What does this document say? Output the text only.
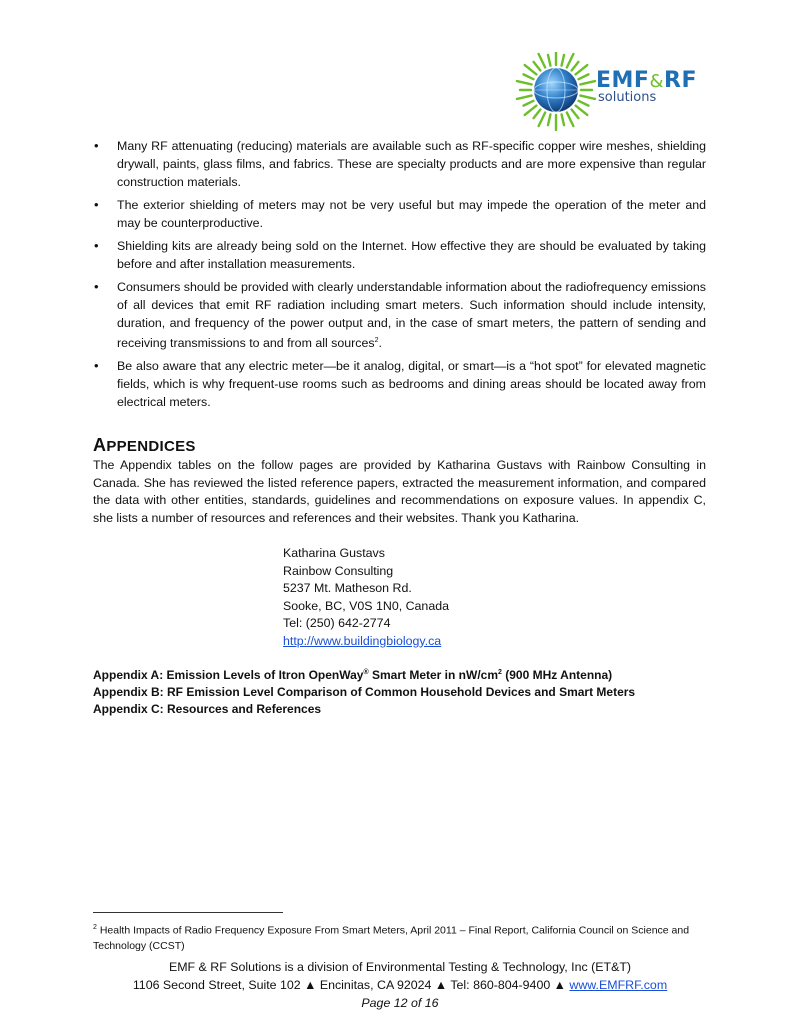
EMF&RF
solutions
• Many RF attenuating (reducing) materials are available such as RF-specific copper wire meshes, shielding drywall, paints, glass films, and fabrics. These are specialty products and are more expensive than regular construction materials.
• The exterior shielding of meters may not be very useful but may impede the operation of the meter and may be counterproductive.
• Shielding kits are already being sold on the Internet. How effective they are should be evaluated by taking before and after installation measurements.
• Consumers should be provided with clearly understandable information about the radiofrequency emissions of all devices that emit RF radiation including smart meters. Such information should include intensity, duration, and frequency of the power output and, in the case of smart meters, the pattern of sending and receiving transmissions to and from all sources$^2$.
• Be also aware that any electric meter—be it analog, digital, or smart—is a “hot spot” for elevated magnetic fields, which is why frequent-use rooms such as bedrooms and dining areas should be located away from electrical meters.
APPENDICES

The Appendix tables on the follow pages are provided by Katharina Gustavs with Rainbow Consulting in Canada. She has reviewed the listed reference papers, extracted the measurement information, and compared the data with other entities, standards, guidelines and recommendations on exposure values. In appendix C, she lists a number of resources and references and their websites. Thank you Katharina.

Katharina Gustavs
Rainbow Consulting
5237 Mt. Matheson Rd.
Sooke, BC, V0S 1N0, Canada
Tel: (250) 642-2774
http://www.buildingbiology.ca
Appendix A: Emission Levels of Itron OpenWay® Smart Meter in $nW/cm^2$ (900 MHz Antenna)
Appendix B: RF Emission Level Comparison of Common Household Devices and Smart Meters
Appendix C: Resources and References
$^2$ Health Impacts of Radio Frequency Exposure From Smart Meters, April 2011 – Final Report, California Council on Science and Technology (CCST)
EMF & RF Solutions is a division of Environmental Testing & Technology, Inc (ET&T)
1106 Second Street, Suite 102 ▲ Encinitas, CA 92024 ▲ Tel: 860-804-9400 ▲ www.EMFRF.com
Page 12 of 16
